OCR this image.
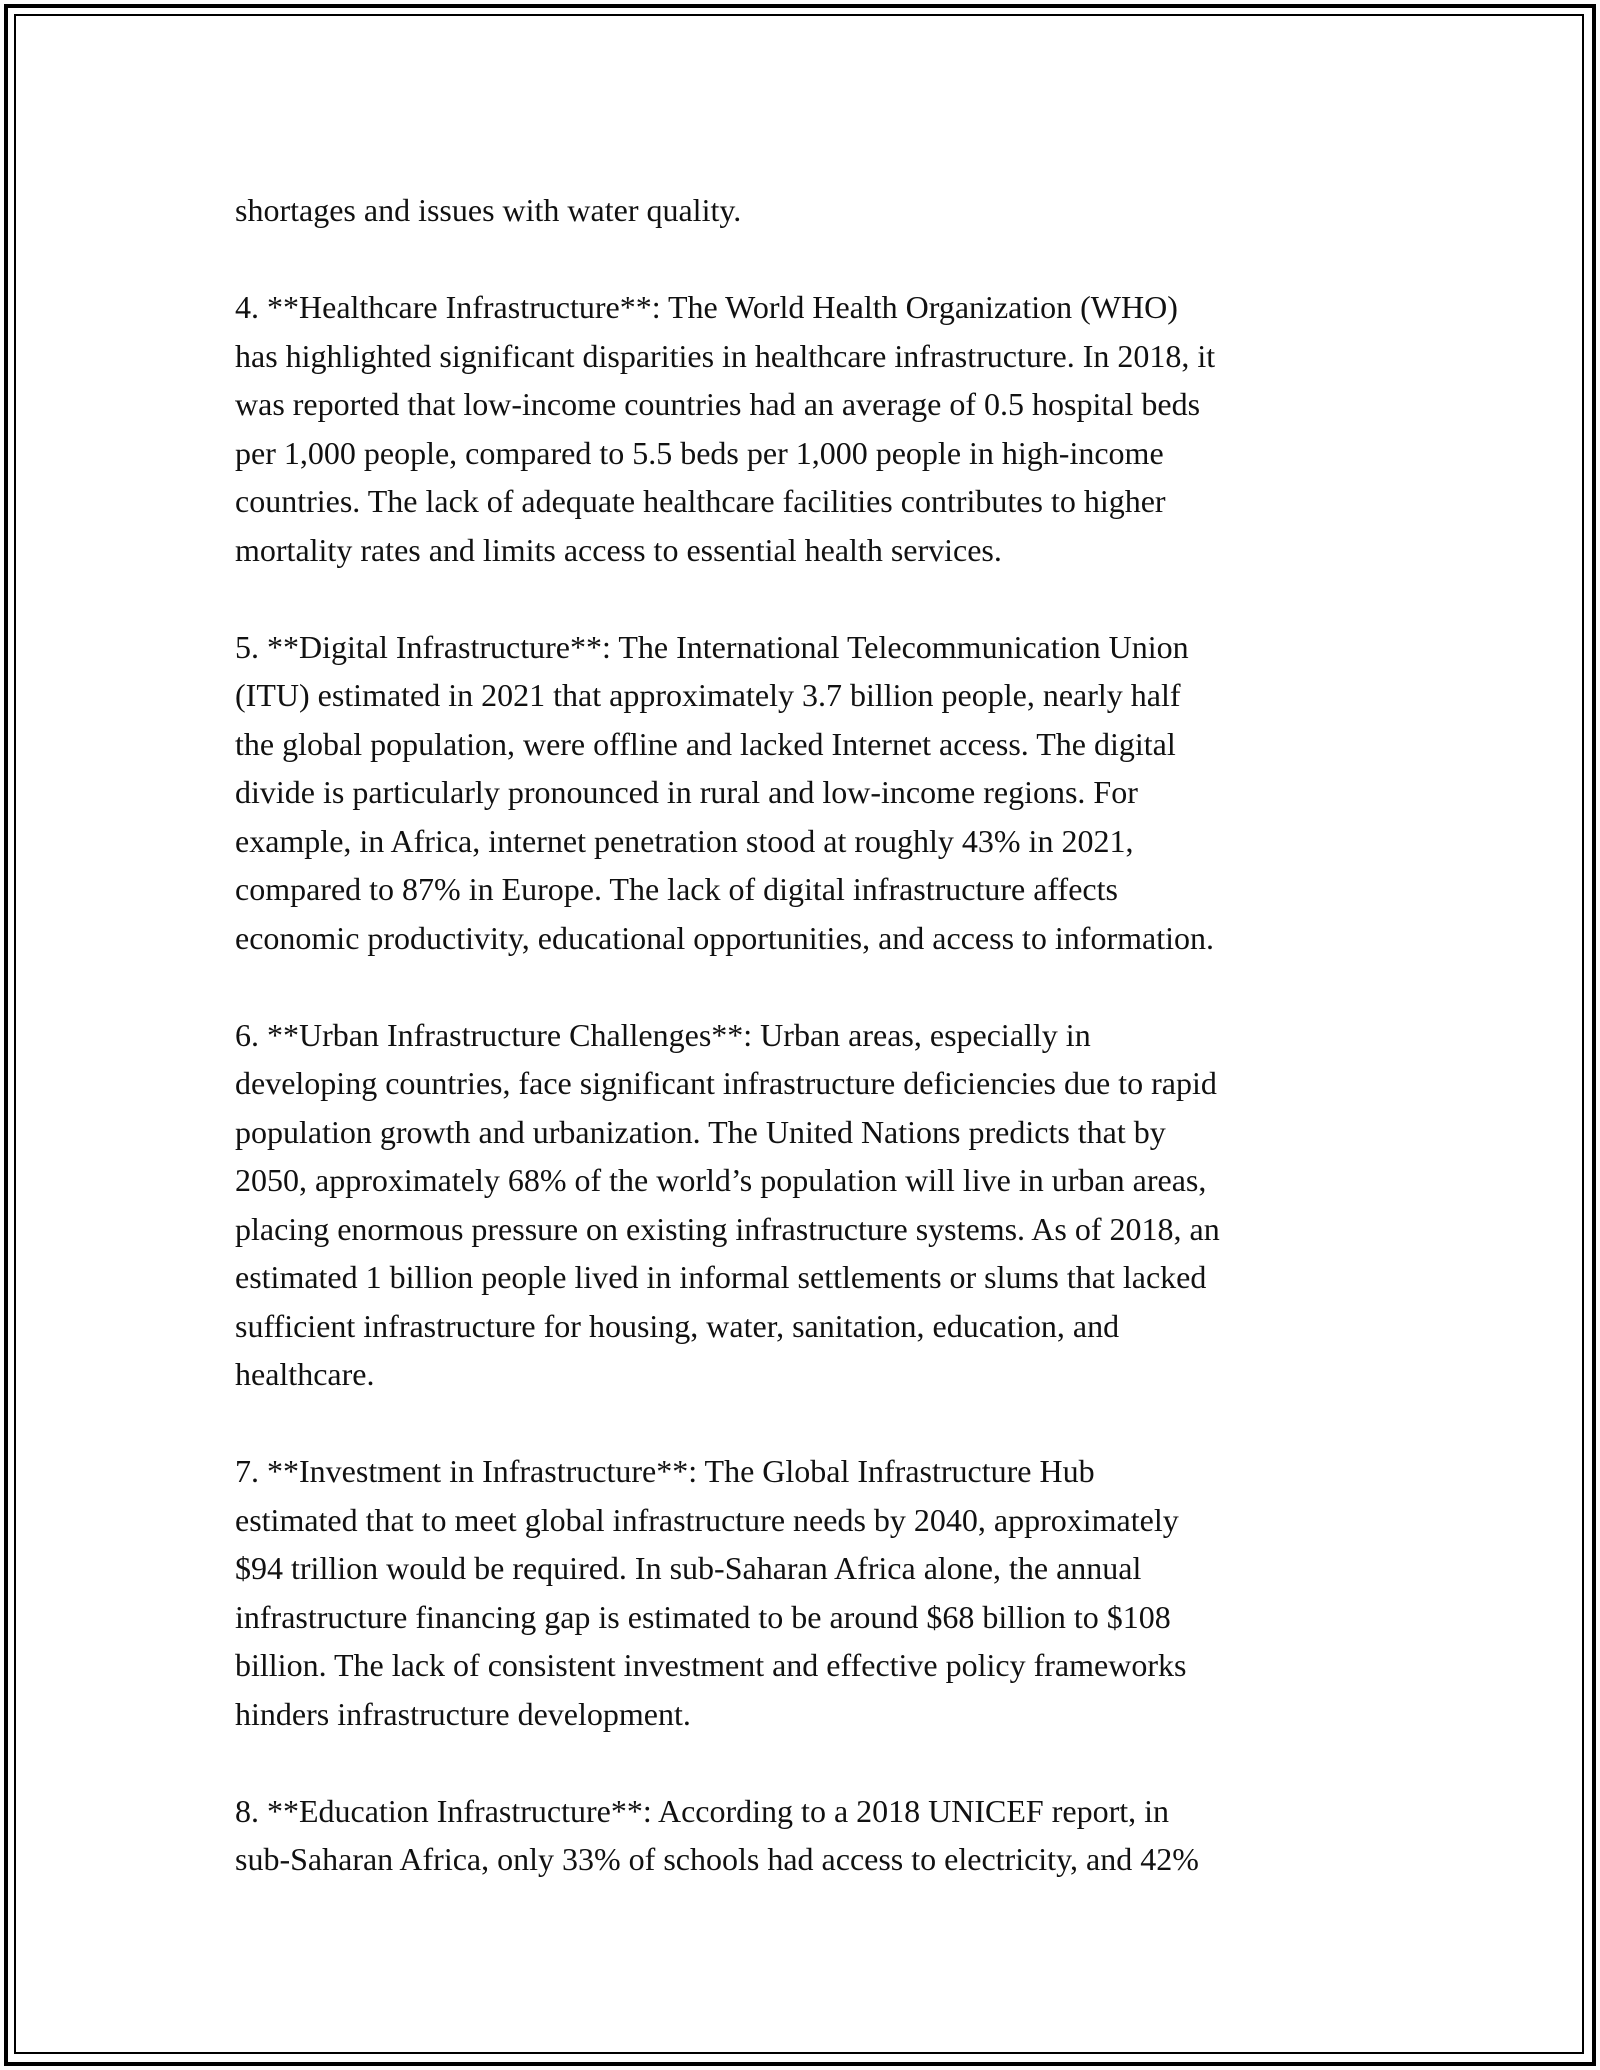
shortages and issues with water quality.
4. **Healthcare Infrastructure**: The World Health Organization (WHO)
has highlighted significant disparities in healthcare infrastructure. In 2018, it
was reported that low-income countries had an average of 0.5 hospital beds
per 1,000 people, compared to 5.5 beds per 1,000 people in high-income
countries. The lack of adequate healthcare facilities contributes to higher
mortality rates and limits access to essential health services.
5. **Digital Infrastructure**: The International Telecommunication Union
(ITU) estimated in 2021 that approximately 3.7 billion people, nearly half
the global population, were offline and lacked Internet access. The digital
divide is particularly pronounced in rural and low-income regions. For
example, in Africa, internet penetration stood at roughly 43% in 2021,
compared to 87% in Europe. The lack of digital infrastructure affects
economic productivity, educational opportunities, and access to information.
6. **Urban Infrastructure Challenges**: Urban areas, especially in
developing countries, face significant infrastructure deficiencies due to rapid
population growth and urbanization. The United Nations predicts that by
2050, approximately 68% of the world’s population will live in urban areas,
placing enormous pressure on existing infrastructure systems. As of 2018, an
estimated 1 billion people lived in informal settlements or slums that lacked
sufficient infrastructure for housing, water, sanitation, education, and
healthcare.
7. **Investment in Infrastructure**: The Global Infrastructure Hub
estimated that to meet global infrastructure needs by 2040, approximately
$94 trillion would be required. In sub-Saharan Africa alone, the annual
infrastructure financing gap is estimated to be around $68 billion to $108
billion. The lack of consistent investment and effective policy frameworks
hinders infrastructure development.
8. **Education Infrastructure**: According to a 2018 UNICEF report, in
sub-Saharan Africa, only 33% of schools had access to electricity, and 42%
